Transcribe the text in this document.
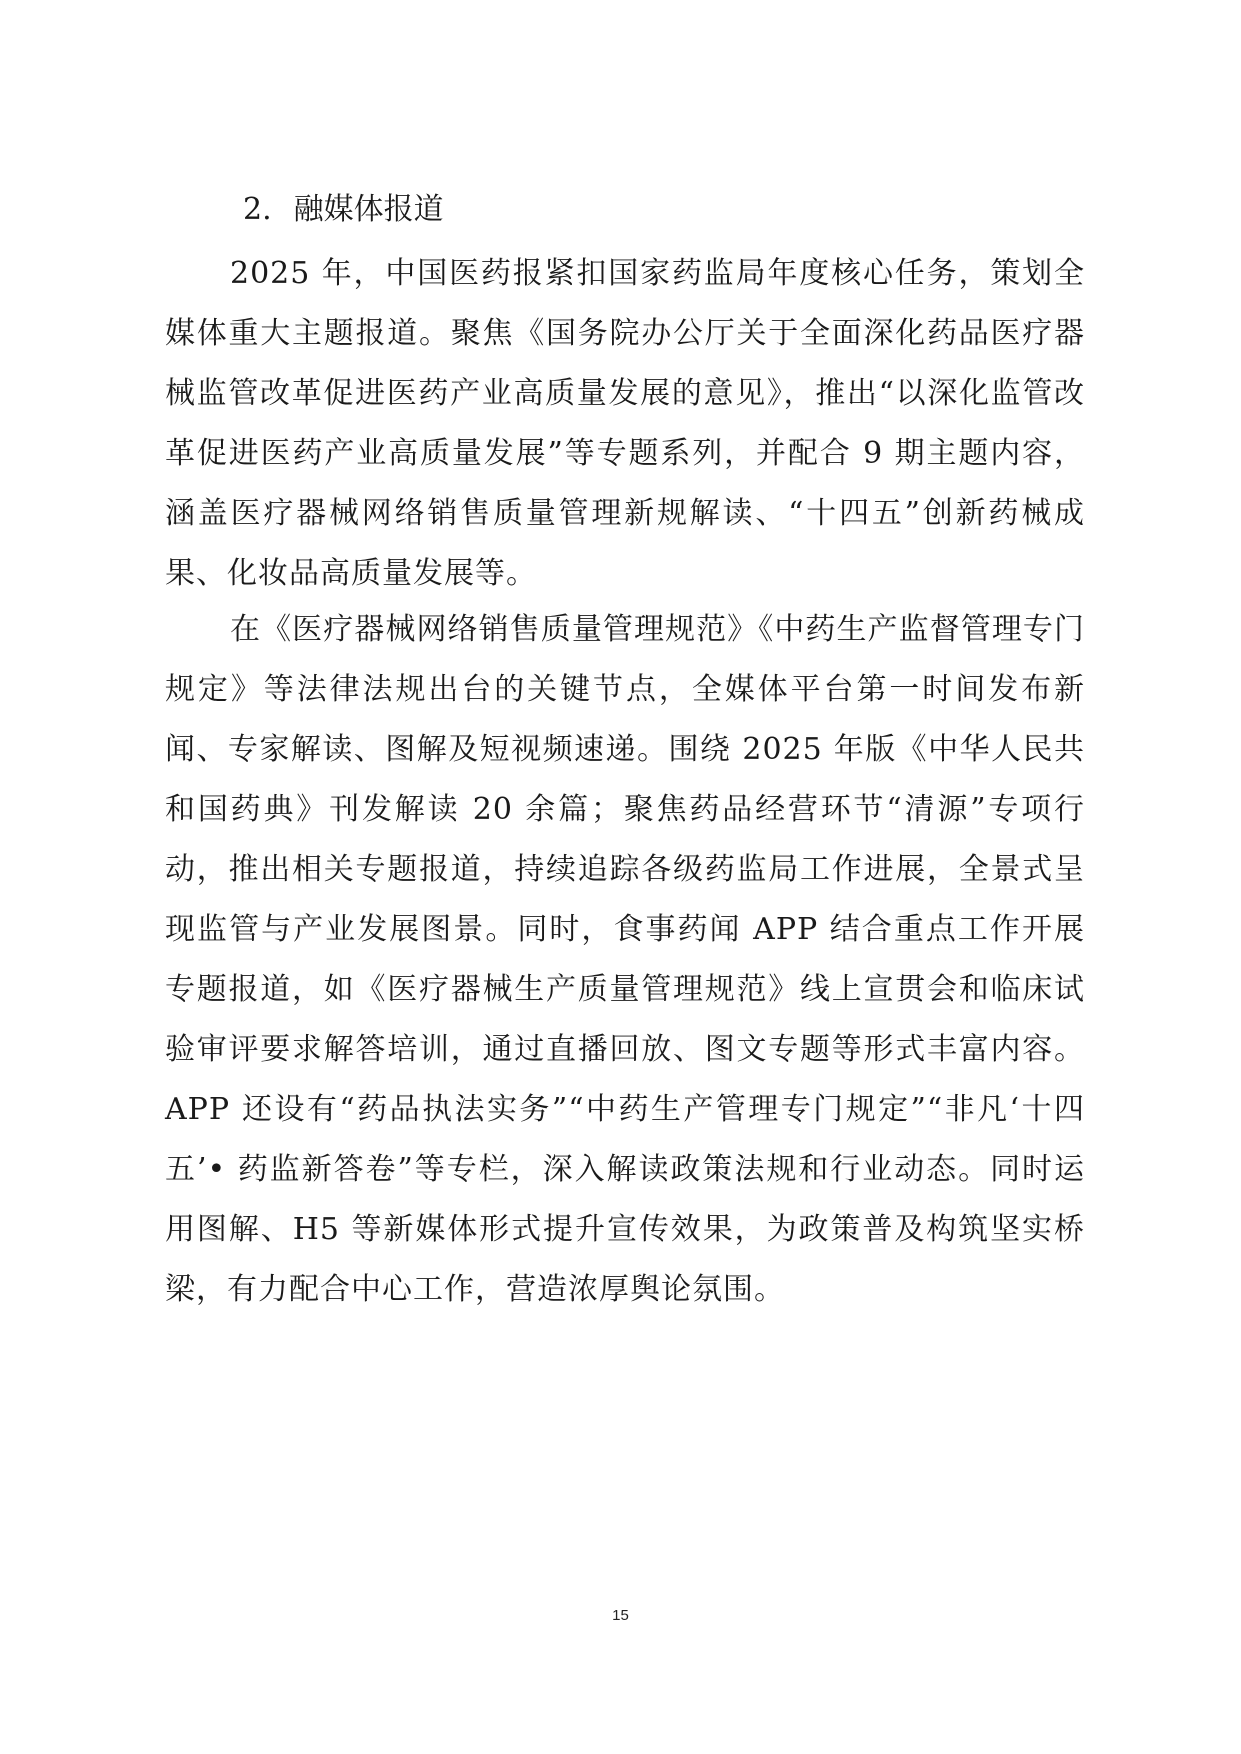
2. 融媒体报道

2025 年，中国医药报紧扣国家药监局年度核心任务，策划全媒体重大主题报道。聚焦《国务院办公厅关于全面深化药品医疗器械监管改革促进医药产业高质量发展的意见》，推出“以深化监管改革促进医药产业高质量发展”等专题系列，并配合 9 期主题内容，涵盖医疗器械网络销售质量管理新规解读、“十四五”创新药械成果、化妆品高质量发展等。

在《医疗器械网络销售质量管理规范》《中药生产监督管理专门规定》等法律法规出台的关键节点，全媒体平台第一时间发布新闻、专家解读、图解及短视频速递。围绕 2025 年版《中华人民共和国药典》刊发解读 20 余篇；聚焦药品经营环节“清源”专项行动，推出相关专题报道，持续追踪各级药监局工作进展，全景式呈现监管与产业发展图景。同时，食事药闻 APP 结合重点工作开展专题报道，如《医疗器械生产质量管理规范》线上宣贯会和临床试验审评要求解答培训，通过直播回放、图文专题等形式丰富内容。APP 还设有“药品执法实务”“中药生产管理专门规定”“非凡‘十四五’• 药监新答卷”等专栏，深入解读政策法规和行业动态。同时运用图解、H5 等新媒体形式提升宣传效果，为政策普及构筑坚实桥梁，有力配合中心工作，营造浓厚舆论氛围。

15
